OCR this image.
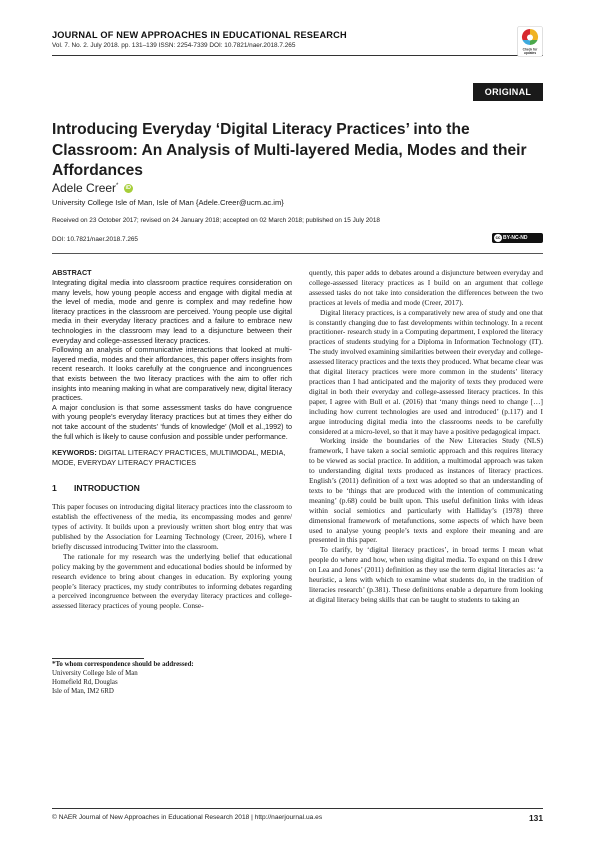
JOURNAL OF NEW APPROACHES IN EDUCATIONAL RESEARCH
Vol. 7. No. 2. July 2018. pp. 131–139 ISSN: 2254-7339 DOI: 10.7821/naer.2018.7.265
Check for
updates
ORIGINAL
Introducing Everyday ‘Digital Literacy Practices’ into the Classroom: An Analysis of Multi-layered Media, Modes and their Affordances
Adele Creer* iD
University College Isle of Man, Isle of Man {Adele.Creer@ucm.ac.im}
Received on 23 October 2017; revised on 24 January 2018; accepted on 02 March 2018; published on 15 July 2018
DOI: 10.7821/naer.2018.7.265	cc BY-NC-ND

ABSTRACT

Integrating digital media into classroom practice requires consideration on many levels, how young people access and engage with digital media at the level of media, mode and genre is complex and may redefine how literacy practices in the classroom are perceived. Young people use digital media in their everyday literacy practices and a failure to embrace new technologies in the classroom may lead to a disjuncture between their everyday and college-assessed literacy practices.

Following an analysis of communicative interactions that looked at multi-layered media, modes and their affordances, this paper offers insights from recent research. It looks carefully at the congruence and incongruences that exists between the two literacy practices with the aim to offer rich insights into meaning making in what are comparatively new, digital literacy practices.

A major conclusion is that some assessment tasks do have congruence with young people’s everyday literacy practices but at times they either do not take account of the students’ ‘funds of knowledge’ (Moll et al.,1992) to the full which is likely to cause confusion and possible under performance.

KEYWORDS: DIGITAL LITERACY PRACTICES, MULTIMODAL, MEDIA, MODE, EVERYDAY LITERACY PRACTICES

1 INTRODUCTION

This paper focuses on introducing digital literacy practices into the classroom to establish the effectiveness of the media, its encompassing modes and genre/ types of activity. It builds upon a previously written short blog entry that was published by the Association for Learning Technology (Creer, 2016), where I briefly discussed introducing Twitter into the classroom.

The rationale for my research was the underlying belief that educational policy making by the government and educational bodies should be informed by research evidence to bring about changes in education. By exploring young people’s literacy practices, my study contributes to informing debates regarding a perceived incongruence between the everyday literacy practices and college-assessed literacy practices of young people. Conse-

quently, this paper adds to debates around a disjuncture between everyday and college-assessed literacy practices as I build on an argument that college assessed tasks do not take into consideration the differences between the two practices at levels of media and mode (Creer, 2017).

Digital literacy practices, is a comparatively new area of study and one that is constantly changing due to fast developments within technology. In a recent practitioner- research study in a Computing department, I explored the literacy practices of students studying for a Diploma in Information Technology (IT). The study involved examining similarities between their everyday and college-assessed literacy practices and the texts they produced. What became clear was that digital literacy practices were more common in the students’ literacy practices than I had anticipated and the majority of texts they produced were digital in both their everyday and college-assessed literacy practices. In this paper, I agree with Bull et al. (2016) that ‘many things need to change […] including how current technologies are used and introduced’ (p.117) and I argue introducing digital media into the classrooms needs to be carefully considered at a micro-level, so that it may have a positive pedagogical impact.

Working inside the boundaries of the New Literacies Study (NLS) framework, I have taken a social semiotic approach and this requires literacy to be viewed as social practice. In addition, a multimodal approach was taken to understanding digital texts produced as instances of literacy practices. English’s (2011) definition of a text was adopted so that an understanding of texts to be ‘things that are produced with the intention of communicating meaning’ (p.68) could be built upon. This useful definition links with ideas within social semiotics and particularly with Halliday’s (1978) three dimensional framework of metafunctions, some aspects of which have been used to analyse young people’s texts and explore their meaning and are presented in this paper.

To clarify, by ‘digital literacy practices’, in broad terms I mean what people do where and how, when using digital media. To expand on this I drew on Lea and Jones’ (2011) definition as they use the term digital literacies as: ‘a heuristic, a lens with which to examine what students do, in the tradition of literacies research’ (p.381). These definitions enable a departure from looking at digital literacy being skills that can be taught to students to taking an

*To whom correspondence should be addressed:

University College Isle of Man

Homefield Rd, Douglas

Isle of Man, IM2 6RD

© NAER Journal of New Approaches in Educational Research 2018 | http://naerjournal.ua.es	131
